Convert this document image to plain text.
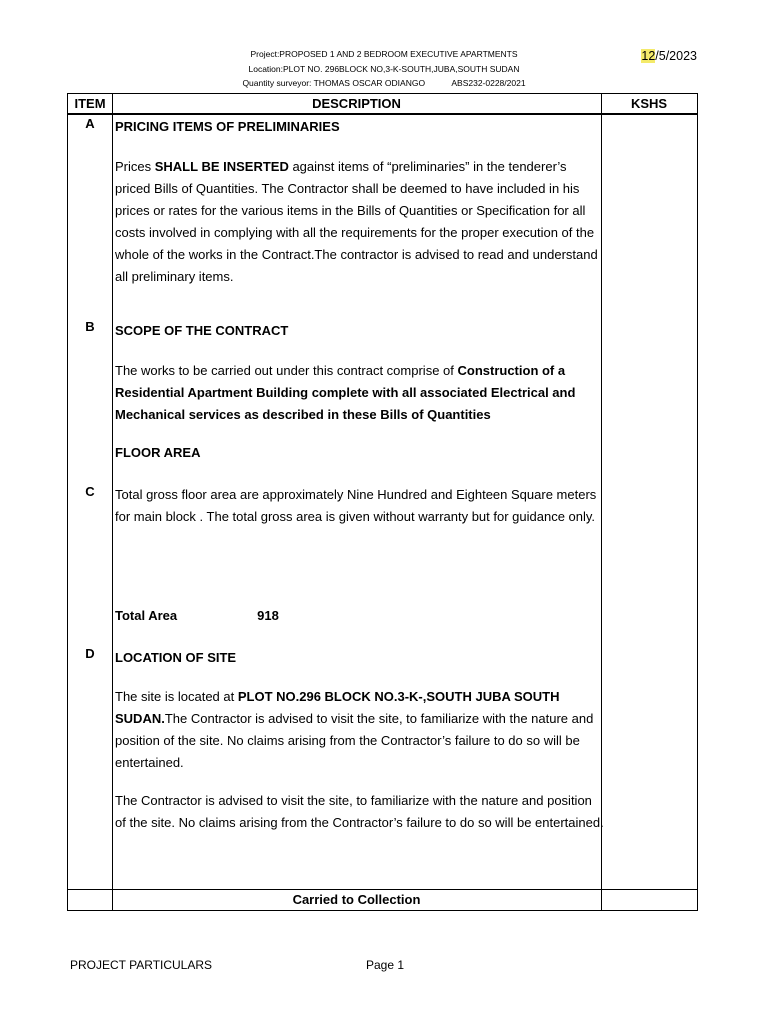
Project:PROPOSED 1 AND 2 BEDROOM EXECUTIVE APARTMENTS
Location:PLOT NO. 296BLOCK NO,3-K-SOUTH,JUBA,SOUTH SUDAN
Quantity surveyor: THOMAS OSCAR ODIANGO	ABS232-0228/2021
12/5/2023
ITEM	DESCRIPTION	KSHS
A	PRICING ITEMS OF PRELIMINARIES
Prices SHALL BE INSERTED against items of “preliminaries” in the tenderer’s priced Bills of Quantities. The Contractor shall be deemed to have included in his prices or rates for the various items in the Bills of Quantities or Specification for all costs involved in complying with all the requirements for the proper execution of the whole of the works in the Contract.The contractor is advised to read and understand all preliminary items.
B	SCOPE OF THE CONTRACT
The works to be carried out under this contract comprise of Construction of a Residential Apartment Building complete with all associated Electrical and Mechanical services as described in these Bills of Quantities
FLOOR AREA
C	Total gross floor area are approximately Nine Hundred and Eighteen Square meters for main block . The total gross area is given without warranty but for guidance only.
Total Area	918
D	LOCATION OF SITE
The site is located at PLOT NO.296 BLOCK NO.3-K-,SOUTH JUBA SOUTH SUDAN.The Contractor is advised to visit the site, to familiarize with the nature and position of the site. No claims arising from the Contractor’s failure to do so will be entertained.
The Contractor is advised to visit the site, to familiarize with the nature and position of the site. No claims arising from the Contractor’s failure to do so will be entertained.
Carried to Collection
PROJECT PARTICULARS	Page 1
